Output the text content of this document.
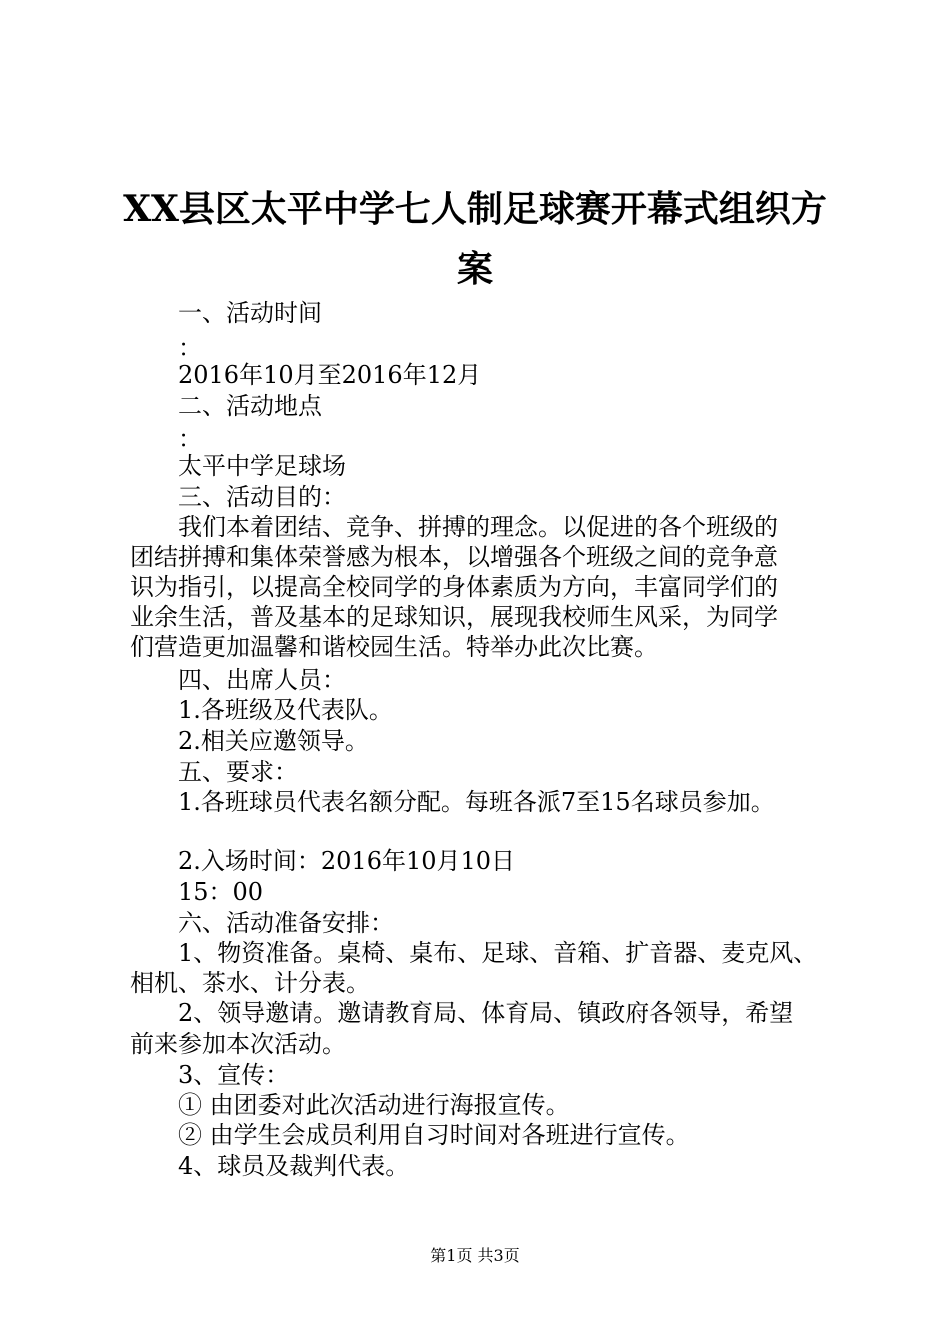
XX县区太平中学七人制足球赛开幕式组织方
案
一、活动时间
：
2016年10月至2016年12月
二、活动地点
：
太平中学足球场
三、活动目的：
　　我们本着团结、竞争、拼搏的理念。以促进的各个班级的
团结拼搏和集体荣誉感为根本，以增强各个班级之间的竞争意
识为指引，以提高全校同学的身体素质为方向，丰富同学们的
业余生活，普及基本的足球知识，展现我校师生风采，为同学
们营造更加温馨和谐校园生活。特举办此次比赛。
四、出席人员：
1.各班级及代表队。
2.相关应邀领导。
五、要求：
1.各班球员代表名额分配。每班各派7至15名球员参加。
2.入场时间：2016年10月10日
15：00
六、活动准备安排：
　　1、物资准备。桌椅、桌布、足球、音箱、扩音器、麦克风、
相机、茶水、计分表。
　　2、领导邀请。邀请教育局、体育局、镇政府各领导，希望
前来参加本次活动。
3、宣传：
① 由团委对此次活动进行海报宣传。
② 由学生会成员利用自习时间对各班进行宣传。
4、球员及裁判代表。
第1页 共3页
